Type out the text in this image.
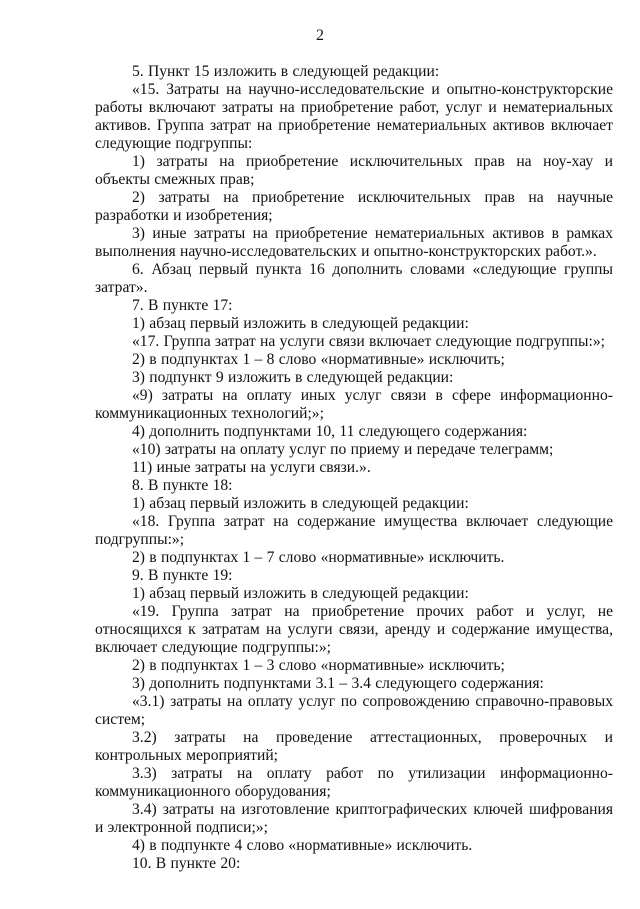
2

5. Пункт 15 изложить в следующей редакции:

«15. Затраты на научно-исследовательские и опытно-конструкторские работы включают затраты на приобретение работ, услуг и нематериальных активов. Группа затрат на приобретение нематериальных активов включает следующие подгруппы:

1) затраты на приобретение исключительных прав на ноу-хау и объекты смежных прав;

2) затраты на приобретение исключительных прав на научные разработки и изобретения;

3) иные затраты на приобретение нематериальных активов в рамках выполнения научно-исследовательских и опытно-конструкторских работ.».

6. Абзац первый пункта 16 дополнить словами «следующие группы затрат».

7. В пункте 17:

1) абзац первый изложить в следующей редакции:

«17. Группа затрат на услуги связи включает следующие подгруппы:»;

2) в подпунктах 1 – 8 слово «нормативные» исключить;

3) подпункт 9 изложить в следующей редакции:

«9) затраты на оплату иных услуг связи в сфере информационно-коммуникационных технологий;»;

4) дополнить подпунктами 10, 11 следующего содержания:

«10) затраты на оплату услуг по приему и передаче телеграмм;

11) иные затраты на услуги связи.».

8. В пункте 18:

1) абзац первый изложить в следующей редакции:

«18. Группа затрат на содержание имущества включает следующие подгруппы:»;

2) в подпунктах 1 – 7 слово «нормативные» исключить.

9. В пункте 19:

1) абзац первый изложить в следующей редакции:

«19. Группа затрат на приобретение прочих работ и услуг, не относящихся к затратам на услуги связи, аренду и содержание имущества, включает следующие подгруппы:»;

2) в подпунктах 1 – 3 слово «нормативные» исключить;

3) дополнить подпунктами 3.1 – 3.4 следующего содержания:

«3.1) затраты на оплату услуг по сопровождению справочно-правовых систем;

3.2) затраты на проведение аттестационных, проверочных и контрольных мероприятий;

3.3) затраты на оплату работ по утилизации информационно-коммуникационного оборудования;

3.4) затраты на изготовление криптографических ключей шифрования и электронной подписи;»;

4) в подпункте 4 слово «нормативные» исключить.

10. В пункте 20:
